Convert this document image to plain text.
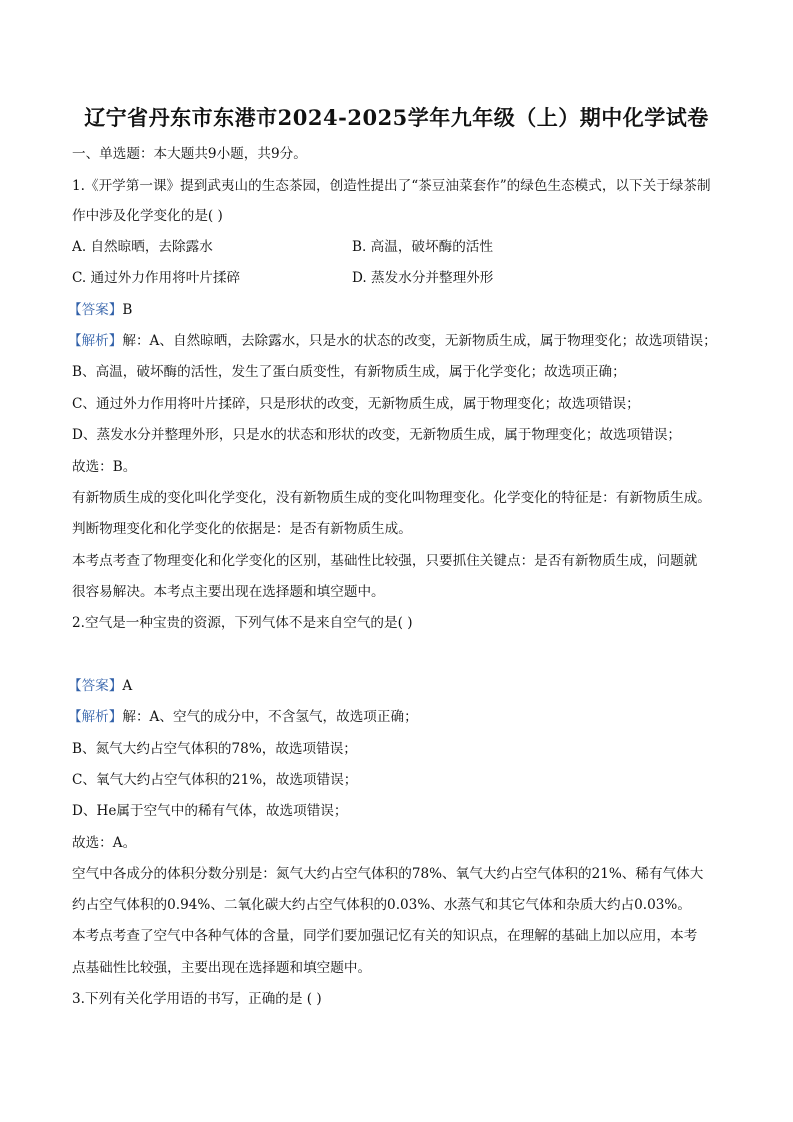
辽宁省丹东市东港市2024-2025学年九年级（上）期中化学试卷
一、单选题：本大题共9小题，共9分。
1.《开学第一课》提到武夷山的生态茶园，创造性提出了“茶豆油菜套作”的绿色生态模式，以下关于绿茶制
作中涉及化学变化的是( )
A. 自然晾晒，去除露水	B. 高温，破坏酶的活性
C. 通过外力作用将叶片揉碎	D. 蒸发水分并整理外形
【答案】B
【解析】解：A、自然晾晒，去除露水，只是水的状态的改变，无新物质生成，属于物理变化；故选项错误；
B、高温，破坏酶的活性，发生了蛋白质变性，有新物质生成，属于化学变化；故选项正确；
C、通过外力作用将叶片揉碎，只是形状的改变，无新物质生成，属于物理变化；故选项错误；
D、蒸发水分并整理外形，只是水的状态和形状的改变，无新物质生成，属于物理变化；故选项错误；
故选：B。
有新物质生成的变化叫化学变化，没有新物质生成的变化叫物理变化。化学变化的特征是：有新物质生成。
判断物理变化和化学变化的依据是：是否有新物质生成。
本考点考查了物理变化和化学变化的区别，基础性比较强，只要抓住关键点：是否有新物质生成，问题就
很容易解决。本考点主要出现在选择题和填空题中。
2.空气是一种宝贵的资源，下列气体不是来自空气的是( )
【答案】A
【解析】解：A、空气的成分中，不含氢气，故选项正确；
B、氮气大约占空气体积的78%，故选项错误；
C、氧气大约占空气体积的21%，故选项错误；
D、He属于空气中的稀有气体，故选项错误；
故选：A。
空气中各成分的体积分数分别是：氮气大约占空气体积的78%、氧气大约占空气体积的21%、稀有气体大
约占空气体积的0.94%、二氧化碳大约占空气体积的0.03%、水蒸气和其它气体和杂质大约占0.03%。
本考点考查了空气中各种气体的含量，同学们要加强记忆有关的知识点，在理解的基础上加以应用，本考
点基础性比较强，主要出现在选择题和填空题中。
3.下列有关化学用语的书写，正确的是 ( )
